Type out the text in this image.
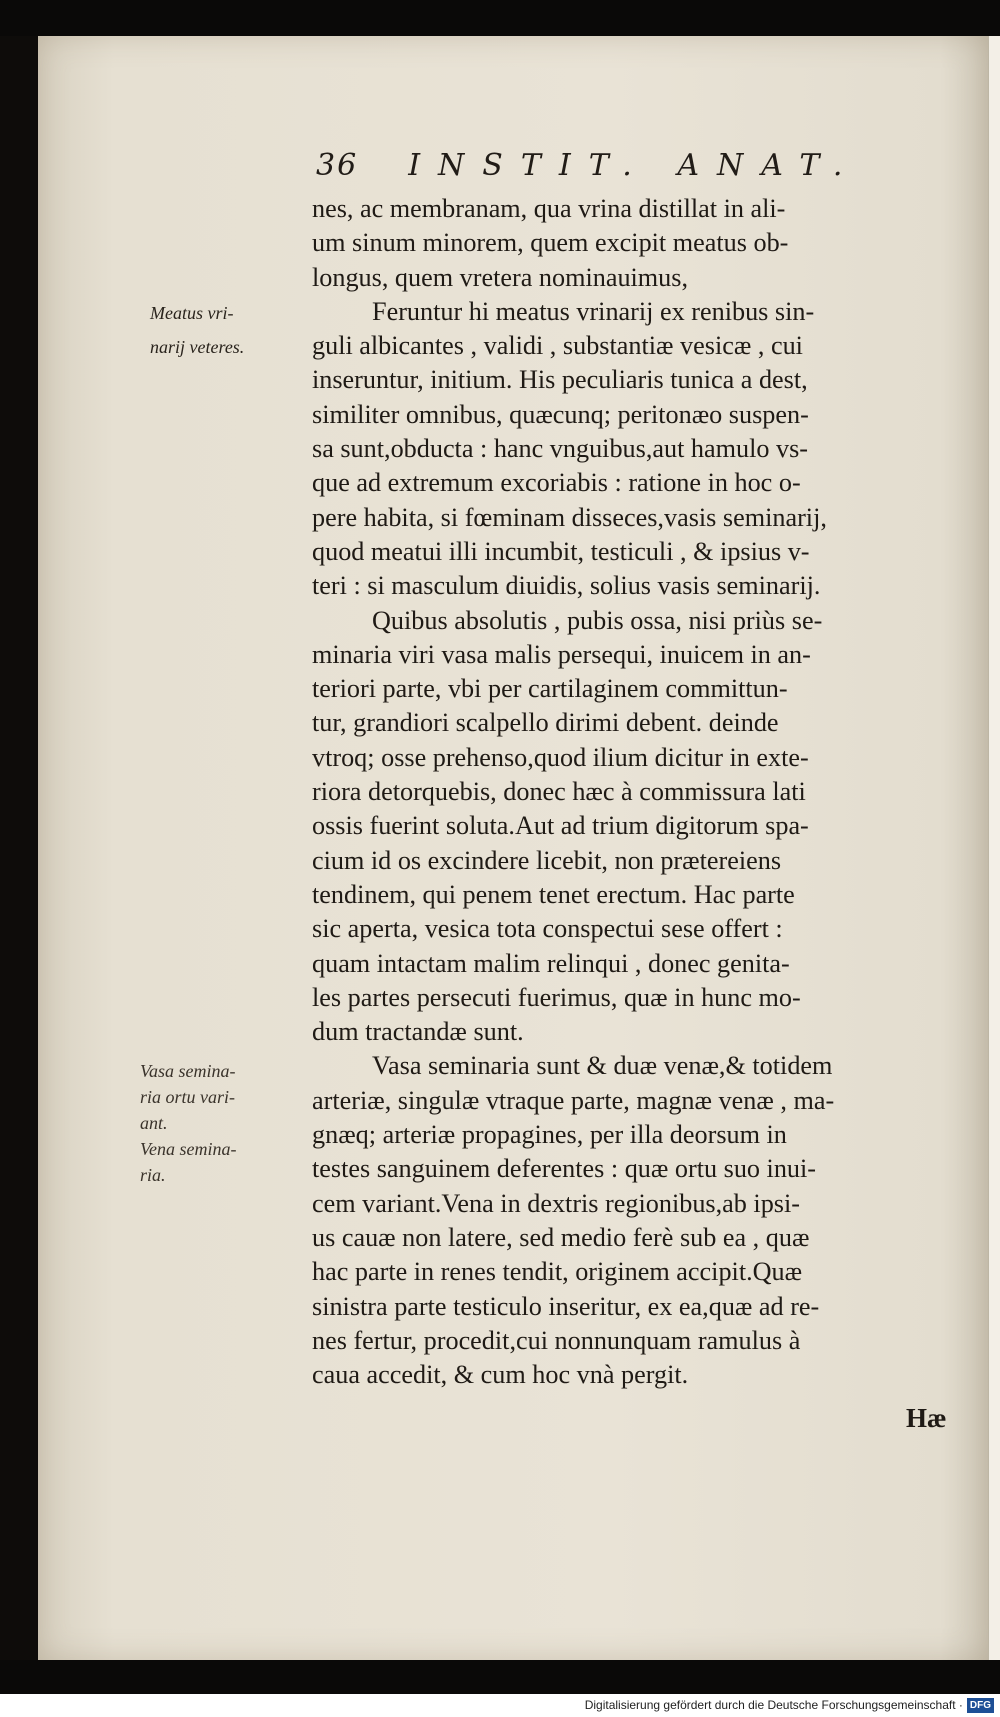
36 INSTIT. ANAT.
Meatus vri-
narij veteres.
Vasa semina-
ria ortu vari-
ant.
Vena semina-
ria.
nes, ac membranam, qua vrina distillat in ali-
um sinum minorem, quem excipit meatus ob-
longus, quem vretera nominauimus,
Feruntur hi meatus vrinarij ex renibus sin-
guli albicantes , validi , substantiæ vesicæ , cui
inseruntur, initium. His peculiaris tunica a dest,
similiter omnibus, quæcunq; peritonæo suspen-
sa sunt,obducta : hanc vnguibus,aut hamulo vs-
que ad extremum excoriabis : ratione in hoc o-
pere habita, si fœminam disseces,vasis seminarij,
quod meatui illi incumbit, testiculi , & ipsius v-
teri : si masculum diuidis, solius vasis seminarij.
Quibus absolutis , pubis ossa, nisi priùs se-
minaria viri vasa malis persequi, inuicem in an-
teriori parte, vbi per cartilaginem committun-
tur, grandiori scalpello dirimi debent. deinde
vtroq; osse prehenso,quod ilium dicitur in exte-
riora detorquebis, donec hæc à commissura lati
ossis fuerint soluta.Aut ad trium digitorum spa-
cium id os excindere licebit, non prætereiens
tendinem, qui penem tenet erectum. Hac parte
sic aperta, vesica tota conspectui sese offert :
quam intactam malim relinqui , donec genita-
les partes persecuti fuerimus, quæ in hunc mo-
dum tractandæ sunt.
Vasa seminaria sunt & duæ venæ,& totidem
arteriæ, singulæ vtraque parte, magnæ venæ , ma-
gnæq; arteriæ propagines, per illa deorsum in
testes sanguinem deferentes : quæ ortu suo inui-
cem variant.Vena in dextris regionibus,ab ipsi-
us cauæ non latere, sed medio ferè sub ea , quæ
hac parte in renes tendit, originem accipit.Quæ
sinistra parte testiculo inseritur, ex ea,quæ ad re-
nes fertur, procedit,cui nonnunquam ramulus à
caua accedit, & cum hoc vnà pergit.
Hæ
Digitalisierung gefördert durch die Deutsche Forschungsgemeinschaft · DFG
